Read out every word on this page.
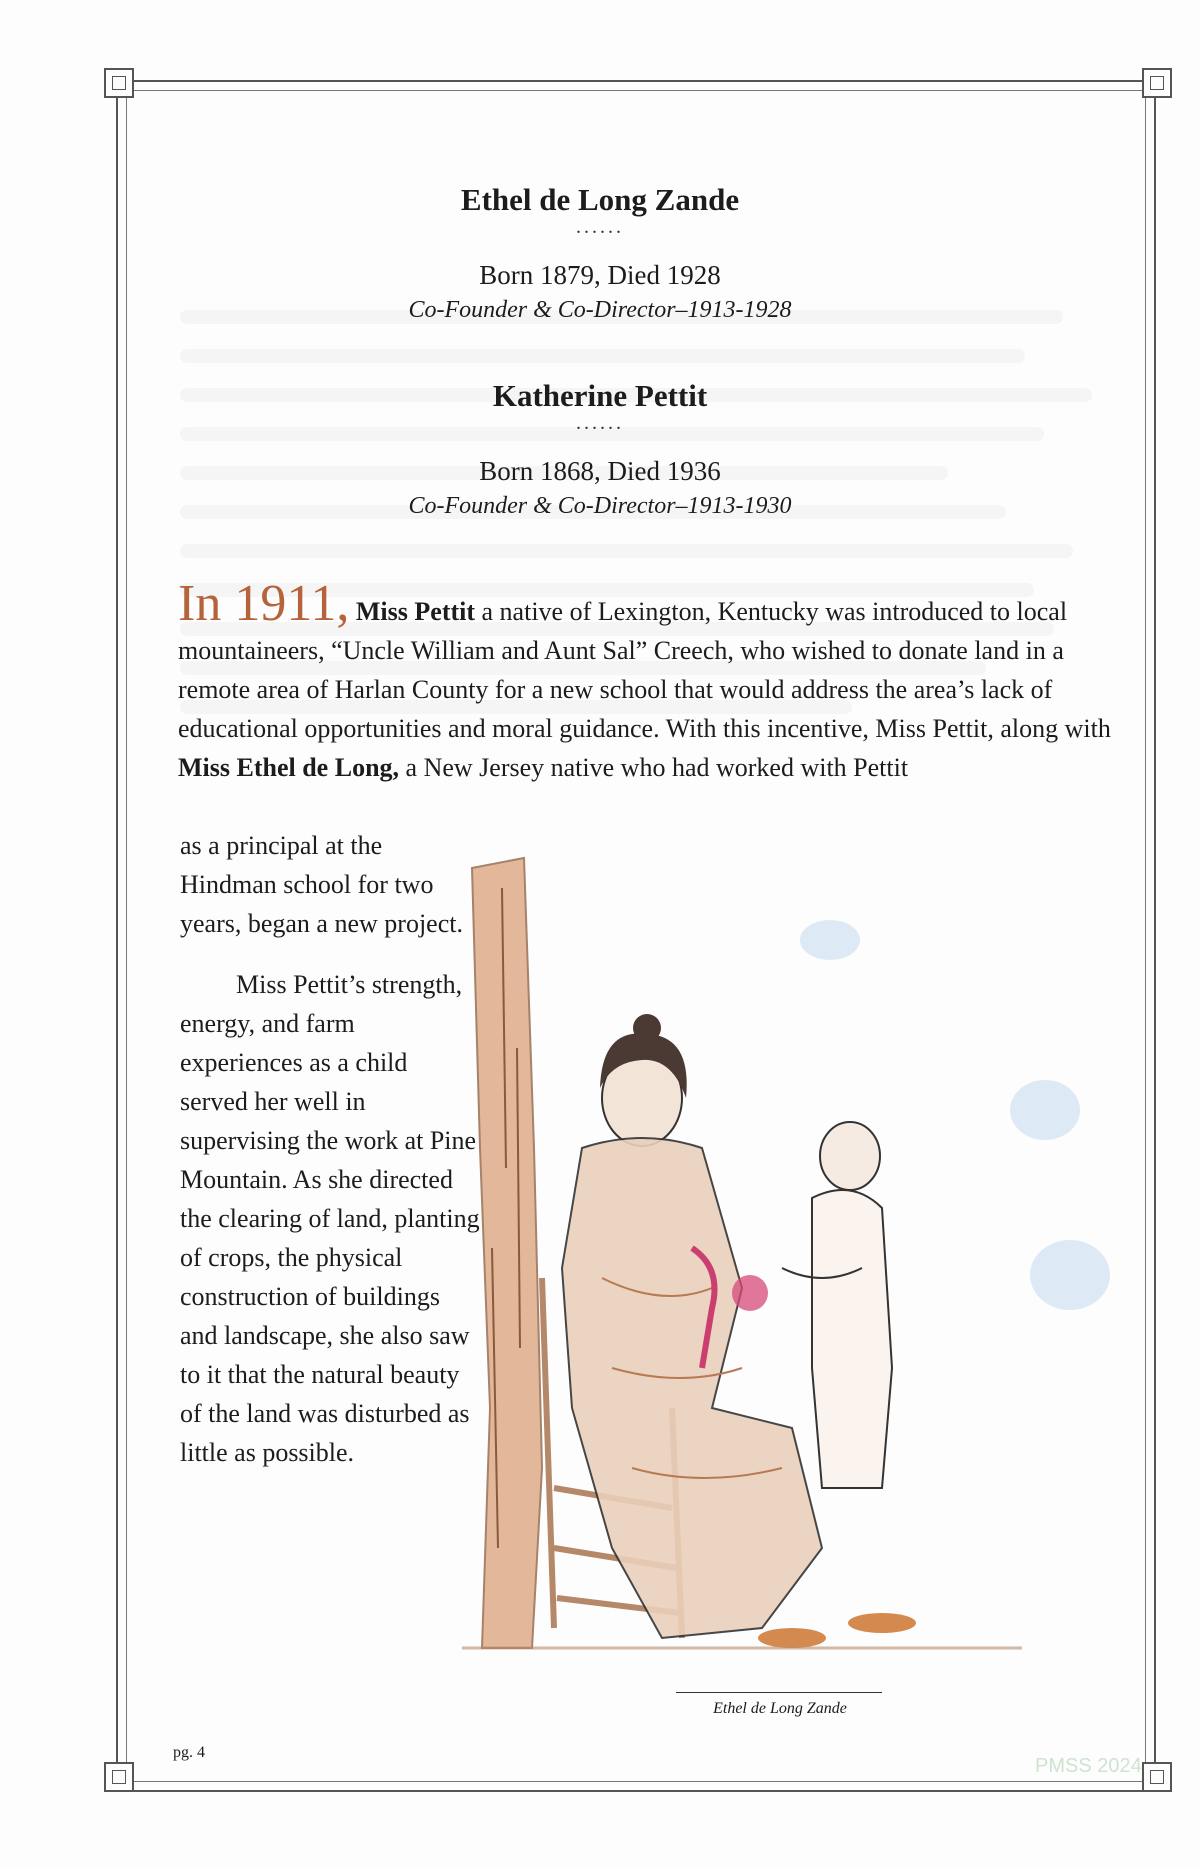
Ethel de Long Zande
......
Born 1879, Died 1928
Co-Founder & Co-Director–1913-1928
Katherine Pettit
......
Born 1868, Died 1936
Co-Founder & Co-Director–1913-1930

In 1911, Miss Pettit a native of Lexington, Kentucky was introduced to local mountaineers, “Uncle William and Aunt Sal” Creech, who wished to donate land in a remote area of Harlan County for a new school that would address the area’s lack of educational opportunities and moral guidance. With this incentive, Miss Pettit, along with Miss Ethel de Long, a New Jersey native who had worked with Pettit

as a principal at the Hindman school for two years, began a new project.

Miss Pettit’s strength, energy, and farm experiences as a child served her well in supervising the work at Pine Mountain. As she directed the clearing of land, planting of crops, the physical construction of buildings and landscape, she also saw to it that the natural beauty of the land was disturbed as little as possible.

Ethel de Long Zande
pg. 4
PMSS 2024
